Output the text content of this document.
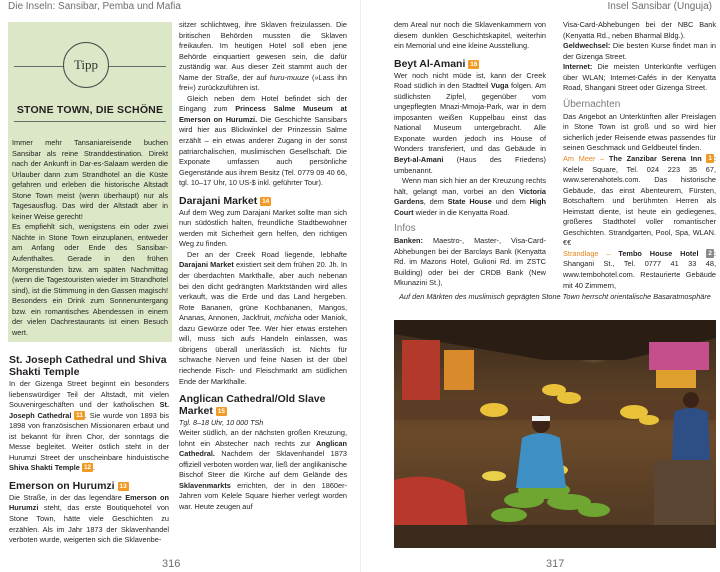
Die Inseln: Sansibar, Pemba und Mafia	Insel Sansibar (Unguja)
316	317
Tipp
STONE TOWN, DIE SCHÖNE

Immer mehr Tansaniareisende buchen Sansibar als reine Stranddestination. Direkt nach der Ankunft in Dar-es-Salaam werden die Urlauber dann zum Strandhotel an die Küste gefahren und erleben die historische Altstadt Stone Town meist (wenn überhaupt) nur als Tagesausflug. Das wird der Altstadt aber in keiner Weise gerecht!

Es empfiehlt sich, wenigstens ein oder zwei Nächte in Stone Town einzuplanen, entweder am Anfang oder Ende des Sansibar-Aufenthaltes. Gerade in den frühen Morgenstunden bzw. am späten Nachmittag (wenn die Tagestouristen wieder im Strandhotel sind), ist die Stimmung in den Gassen magisch! Besonders ein Drink zum Sonnenuntergang bzw. ein romantisches Abendessen in einem der vielen Dachrestaurants ist einen Besuch wert.

St. Joseph Cathedral und Shiva Shakti Temple

In der Gizenga Street beginnt ein besonders liebenswürdiger Teil der Altstadt, mit vielen Souvenirgeschäften und der katholischen St. Joseph Cathedral 11 . Sie wurde von 1893 bis 1898 von französischen Missionaren erbaut und ist bekannt für ihren Chor, der sonntags die Messe begleitet. Weiter östlich steht in der Hurumzi Street der unscheinbare hinduistische Shiva Shakti Temple 12 .

Emerson on Hurumzi 13

Die Straße, in der das legendäre Emerson on Hurumzi steht, das erste Boutiquehotel von Stone Town, hätte viele Geschichten zu erzählen. Als im Jahr 1873 der Sklavenhandel verboten wurde, weigerten sich die Sklavenbe-

sitzer schlichtweg, ihre Sklaven freizulassen. Die britischen Behörden mussten die Sklaven freikaufen. Im heutigen Hotel soll eben jene Behörde einquartiert gewesen sein, die dafür zuständig war. Aus dieser Zeit stammt auch der Name der Straße, der auf huru-muuze (»Lass ihn frei«) zurückzuführen ist.

Gleich neben dem Hotel befindet sich der Eingang zum Princess Salme Museum at Emerson on Hurumzi. Die Geschichte Sansibars wird hier aus Blickwinkel der Prinzessin Salme erzählt – ein etwas anderer Zugang in der sonst patriarchalischen, muslimischen Gesellschaft. Die Exponate umfassen auch persönliche Gegenstände aus ihrem Besitz (Tel. 0779 09 40 66, tgl. 10–17 Uhr, 10 US-$ inkl. geführter Tour).

Darajani Market 14

Auf dem Weg zum Darajani Market sollte man sich nun südöstlich halten, freundliche Stadtbewohner werden mit Sicherheit gern helfen, den richtigen Weg zu finden.

Der an der Creek Road liegende, lebhafte Darajani Market existiert seit dem frühen 20. Jh. In der überdachten Markthalle, aber auch nebenan bei den dicht gedrängten Marktständen wird alles verkauft, was die Erde und das Land hergeben. Rote Bananen, grüne Kochbananen, Mangos, Ananas, Annonen, Jackfruit, mchicha oder Maniok, dazu Gewürze oder Tee. Wer hier etwas erstehen will, muss sich aufs Handeln einlassen, was übrigens überall unerlässlich ist. Nichts für schwache Nerven und feine Nasen ist der übel riechende Fisch- und Fleischmarkt am südlichen Ende der Markthalle.

Anglican Cathedral/Old Slave Market 15
Tgl. 8–18 Uhr, 10 000 TSh

Weiter südlich, an der nächsten großen Kreuzung, lohnt ein Abstecher nach rechts zur Anglican Cathedral. Nachdem der Sklavenhandel 1873 offiziell verboten worden war, ließ der anglikanische Bischof Steer die Kirche auf dem Gelände des Sklavenmarkts errichten, der in den 1860er-Jahren vom Kelele Square hierher verlegt worden war. Heute zeugen auf

dem Areal nur noch die Sklavenkammern von diesem dunklen Geschichtskapitel, weiterhin ein Memorial und eine kleine Ausstellung.

Beyt Al-Amani 16

Wer noch nicht müde ist, kann der Creek Road südlich in den Stadtteil Vuga folgen. Am südlichsten Zipfel, gegenüber vom ungepflegten Mnazi-Mmoja-Park, war in dem imposanten weißen Kuppelbau einst das National Museum untergebracht. Alle Exponate wurden jedoch ins House of Wonders transferiert, und das Gebäude in Beyt-al-Amani (Haus des Friedens) umbenannt.

Wenn man sich hier an der Kreuzung rechts hält, gelangt man, vorbei an den Victoria Gardens, dem State House und dem High Court wieder in die Kenyatta Road.

Infos

Banken: Maestro-, Master-, Visa-Card-Abhebungen bei der Barclays Bank (Kenyatta Rd. im Mazons Hotel, Gulioni Rd. im ZSTC Building) oder bei der CRDB Bank (New Mkunazini St.),

Visa-Card-Abhebungen bei der NBC Bank (Kenyatta Rd., neben Bharmal Bldg.).

Geldwechsel: Die besten Kurse findet man in der Gizenga Street.

Internet: Die meisten Unterkünfte verfügen über WLAN; Internet-Cafés in der Kenyatta Road, Shangani Street oder Gizenga Street.

Übernachten

Das Angebot an Unterkünften aller Preislagen in Stone Town ist groß und so wird hier sicherlich jeder Reisende etwas passendes für seinen Geschmack und Geldbeutel finden.

Am Meer – The Zanzibar Serena Inn 1 : Kelele Square, Tel. 024 223 35 67, www.serenahotels.com. Das historische Gebäude, das einst Abenteurern, Fürsten, Botschaftern und berühmten Herren als Heimstatt diente, ist heute ein gediegenes, größeres Stadthotel voller romantischer Geschichten. Strandgarten, Pool, Spa, WLAN. €€

Strandlage – Tembo House Hotel 2 : Shangani St., Tel. 0777 41 33 48, www.tembohotel.com. Restaurierte Gebäude mit 40 Zimmern,

Auf den Märkten des muslimisch geprägten Stone Town herrscht orientalische Basaratmosphäre
